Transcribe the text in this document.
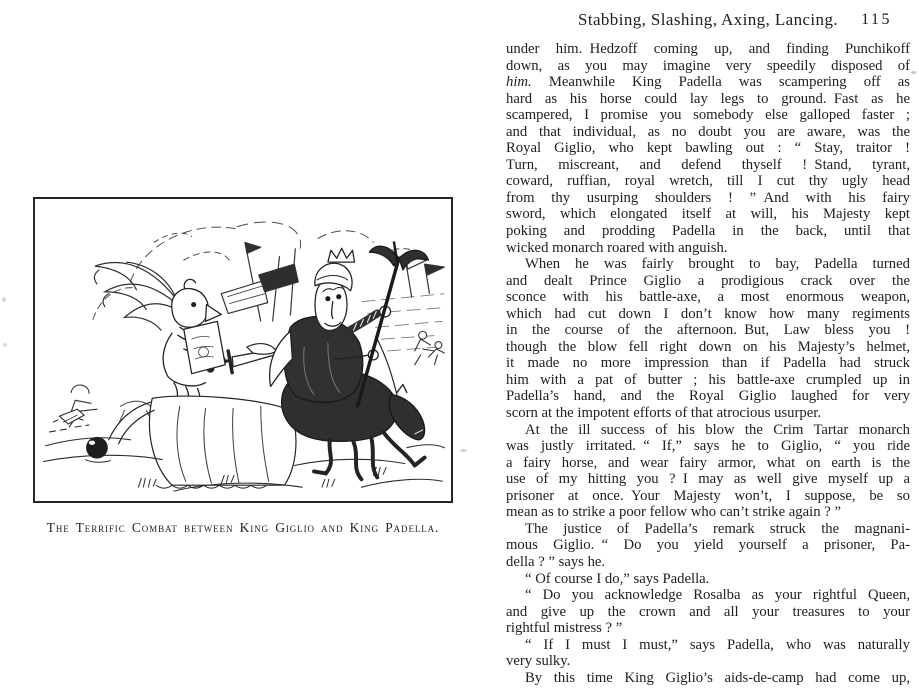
The Terrific Combat between King Giglio and King Padella.
Stabbing, Slashing, Axing, Lancing.	115
under him. Hedzoff coming up, and finding Punchikoff
down, as you may imagine very speedily disposed of
him. Meanwhile King Padella was scampering off as
hard as his horse could lay legs to ground. Fast as he
scampered, I promise you somebody else galloped faster ;
and that individual, as no doubt you are aware, was the
Royal Giglio, who kept bawling out : “ Stay, traitor !
Turn, miscreant, and defend thyself ! Stand, tyrant,
coward, ruffian, royal wretch, till I cut thy ugly head
from thy usurping shoulders ! ” And with his fairy
sword, which elongated itself at will, his Majesty kept
poking and prodding Padella in the back, until that
wicked monarch roared with anguish.
When he was fairly brought to bay, Padella turned
and dealt Prince Giglio a prodigious crack over the
sconce with his battle-axe, a most enormous weapon,
which had cut down I don’t know how many regiments
in the course of the afternoon. But, Law bless you !
though the blow fell right down on his Majesty’s helmet,
it made no more impression than if Padella had struck
him with a pat of butter ; his battle-axe crumpled up in
Padella’s hand, and the Royal Giglio laughed for very
scorn at the impotent efforts of that atrocious usurper.
At the ill success of his blow the Crim Tartar monarch
was justly irritated. “ If,” says he to Giglio, “ you ride
a fairy horse, and wear fairy armor, what on earth is the
use of my hitting you ? I may as well give myself up a
prisoner at once. Your Majesty won’t, I suppose, be so
mean as to strike a poor fellow who can’t strike again ? ”
The justice of Padella’s remark struck the magnani-
mous Giglio. “ Do you yield yourself a prisoner, Pa-
della ? ” says he.
“ Of course I do,” says Padella.
“ Do you acknowledge Rosalba as your rightful Queen,
and give up the crown and all your treasures to your
rightful mistress ? ”
“ If I must I must,” says Padella, who was naturally
very sulky.
By this time King Giglio’s aids-de-camp had come up,
